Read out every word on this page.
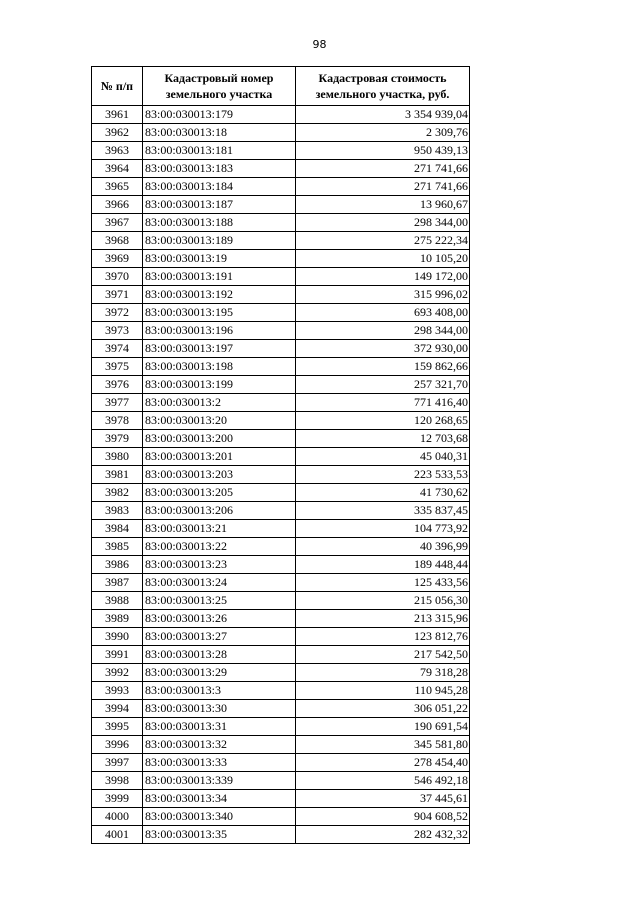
98
№ п/п	Кадастровый номер земельного участка	Кадастровая стоимость земельного участка, руб.
3961	83:00:030013:179	3 354 939,04
3962	83:00:030013:18	2 309,76
3963	83:00:030013:181	950 439,13
3964	83:00:030013:183	271 741,66
3965	83:00:030013:184	271 741,66
3966	83:00:030013:187	13 960,67
3967	83:00:030013:188	298 344,00
3968	83:00:030013:189	275 222,34
3969	83:00:030013:19	10 105,20
3970	83:00:030013:191	149 172,00
3971	83:00:030013:192	315 996,02
3972	83:00:030013:195	693 408,00
3973	83:00:030013:196	298 344,00
3974	83:00:030013:197	372 930,00
3975	83:00:030013:198	159 862,66
3976	83:00:030013:199	257 321,70
3977	83:00:030013:2	771 416,40
3978	83:00:030013:20	120 268,65
3979	83:00:030013:200	12 703,68
3980	83:00:030013:201	45 040,31
3981	83:00:030013:203	223 533,53
3982	83:00:030013:205	41 730,62
3983	83:00:030013:206	335 837,45
3984	83:00:030013:21	104 773,92
3985	83:00:030013:22	40 396,99
3986	83:00:030013:23	189 448,44
3987	83:00:030013:24	125 433,56
3988	83:00:030013:25	215 056,30
3989	83:00:030013:26	213 315,96
3990	83:00:030013:27	123 812,76
3991	83:00:030013:28	217 542,50
3992	83:00:030013:29	79 318,28
3993	83:00:030013:3	110 945,28
3994	83:00:030013:30	306 051,22
3995	83:00:030013:31	190 691,54
3996	83:00:030013:32	345 581,80
3997	83:00:030013:33	278 454,40
3998	83:00:030013:339	546 492,18
3999	83:00:030013:34	37 445,61
4000	83:00:030013:340	904 608,52
4001	83:00:030013:35	282 432,32
